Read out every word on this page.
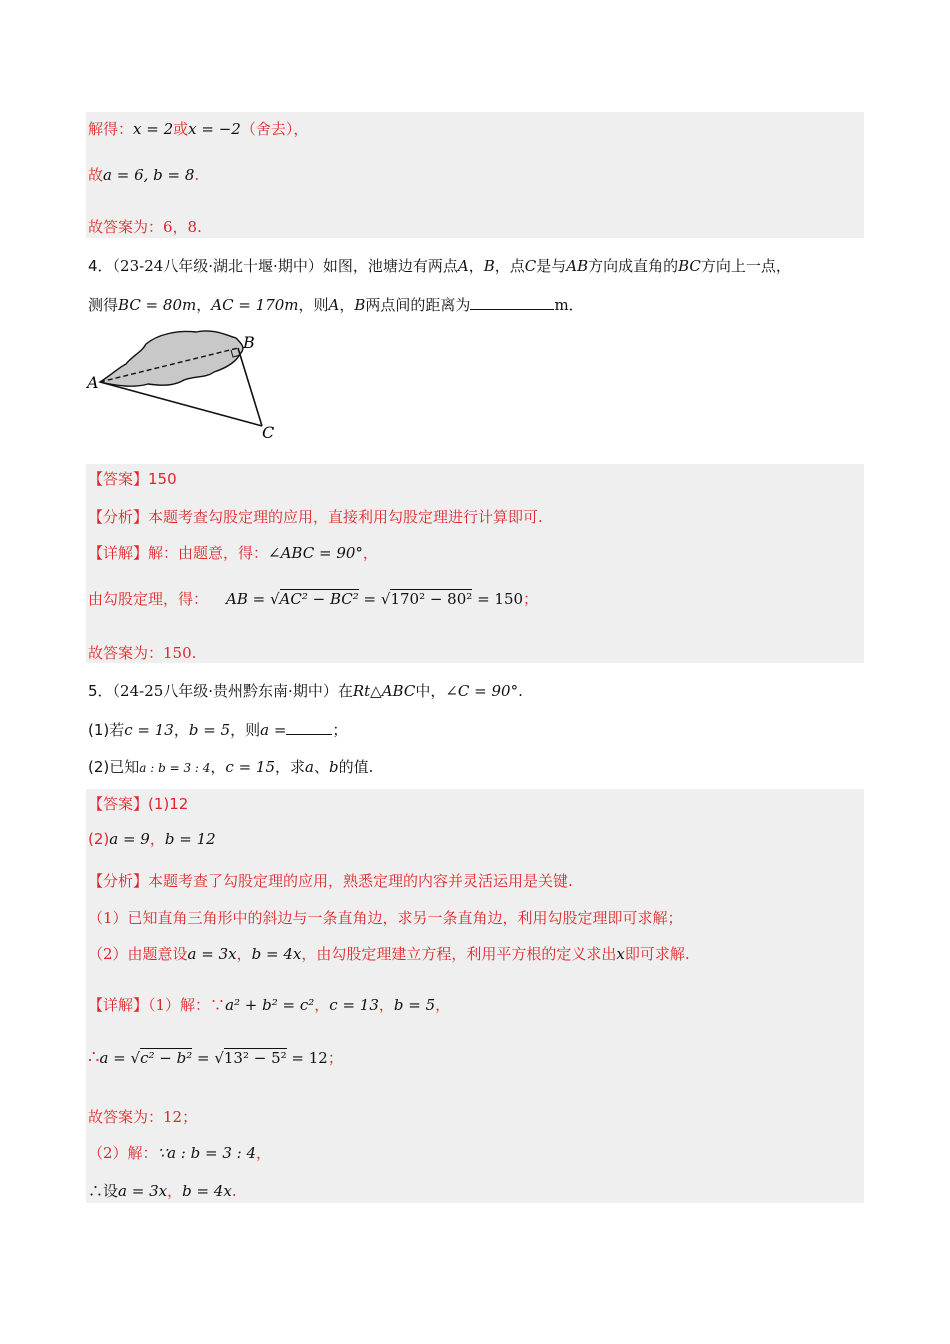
解得：x = 2或x = −2（舍去），
故a = 6, b = 8.
故答案为：6，8.
4．（23-24八年级·湖北十堰·期中）如图，池塘边有两点A，B，点C是与AB方向成直角的BC方向上一点，
测得BC = 80m，AC = 170m，则A，B两点间的距离为	m．
A
B
C
【答案】150
【分析】本题考查勾股定理的应用，直接利用勾股定理进行计算即可.
【详解】解：由题意，得：∠ABC = 90°，
由勾股定理，得： AB = √AC² − BC² = √170² − 80² = 150；
故答案为：150.
5．（24-25八年级·贵州黔东南·期中）在Rt△ABC中，∠C = 90°.
(1)若c = 13，b = 5，则a =	；
(2)已知a : b = 3 : 4，c = 15，求a、b的值.
【答案】(1)12
(2)a = 9，b = 12
【分析】本题考查了勾股定理的应用，熟悉定理的内容并灵活运用是关键.
（1）已知直角三角形中的斜边与一条直角边，求另一条直角边，利用勾股定理即可求解；
（2）由题意设a = 3x，b = 4x，由勾股定理建立方程，利用平方根的定义求出x即可求解.
【详解】（1）解：∵a² + b² = c²，c = 13，b = 5，
∴a = √c² − b² = √13² − 5² = 12；
故答案为：12；
（2）解：∵a : b = 3 : 4，
∴设a = 3x，b = 4x.
